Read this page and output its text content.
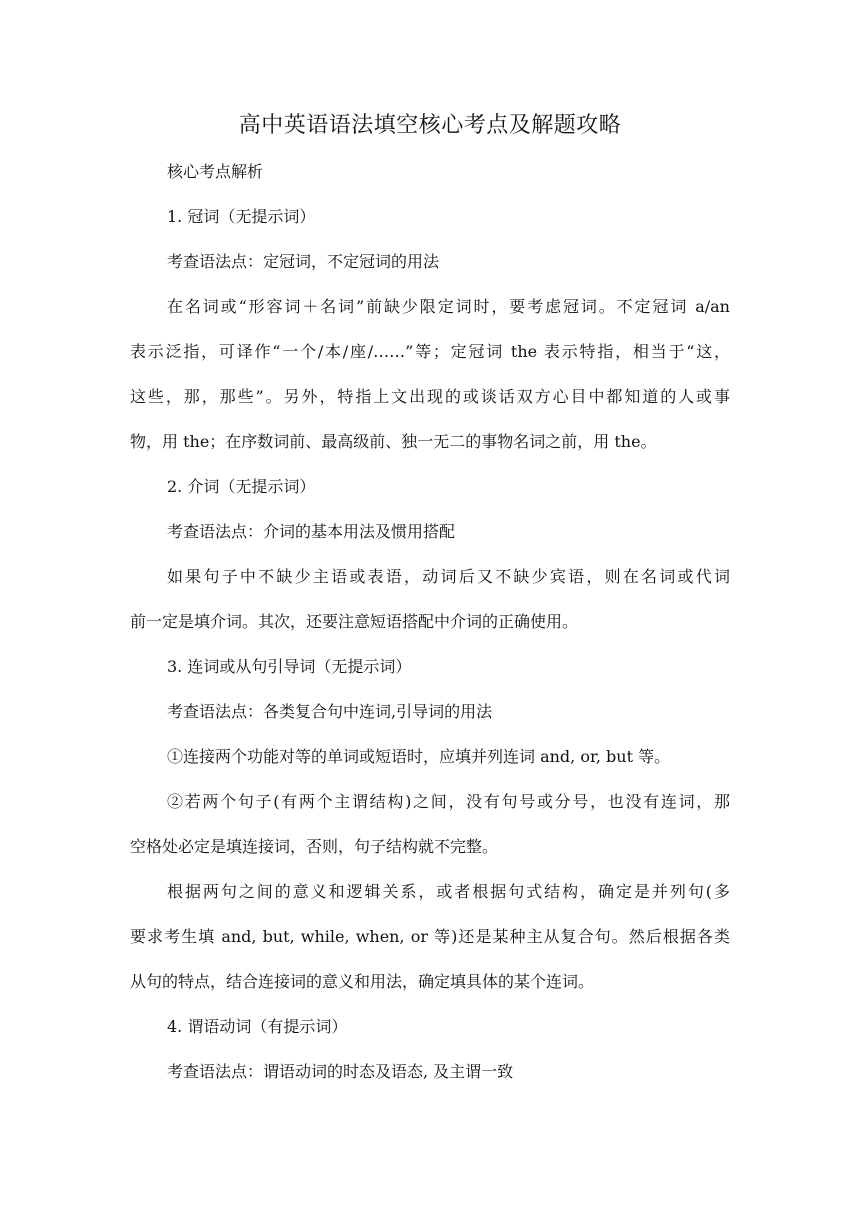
高中英语语法填空核心考点及解题攻略
核心考点解析
1. 冠词（无提示词）
考查语法点：定冠词，不定冠词的用法
在名词或“形容词＋名词”前缺少限定词时，要考虑冠词。不定冠词 a/an
表示泛指，可译作“一个/本/座/……”等；定冠词 the 表示特指，相当于“这，
这些，那，那些”。另外，特指上文出现的或谈话双方心目中都知道的人或事
物，用 the；在序数词前、最高级前、独一无二的事物名词之前，用 the。
2. 介词（无提示词）
考查语法点：介词的基本用法及惯用搭配
如果句子中不缺少主语或表语，动词后又不缺少宾语，则在名词或代词
前一定是填介词。其次，还要注意短语搭配中介词的正确使用。
3. 连词或从句引导词（无提示词）
考查语法点：各类复合句中连词,引导词的用法
①连接两个功能对等的单词或短语时，应填并列连词 and, or, but 等。
②若两个句子(有两个主谓结构)之间，没有句号或分号，也没有连词，那
空格处必定是填连接词，否则，句子结构就不完整。
根据两句之间的意义和逻辑关系，或者根据句式结构，确定是并列句(多
要求考生填 and, but, while, when, or 等)还是某种主从复合句。然后根据各类
从句的特点，结合连接词的意义和用法，确定填具体的某个连词。
4. 谓语动词（有提示词）
考查语法点：谓语动词的时态及语态, 及主谓一致
